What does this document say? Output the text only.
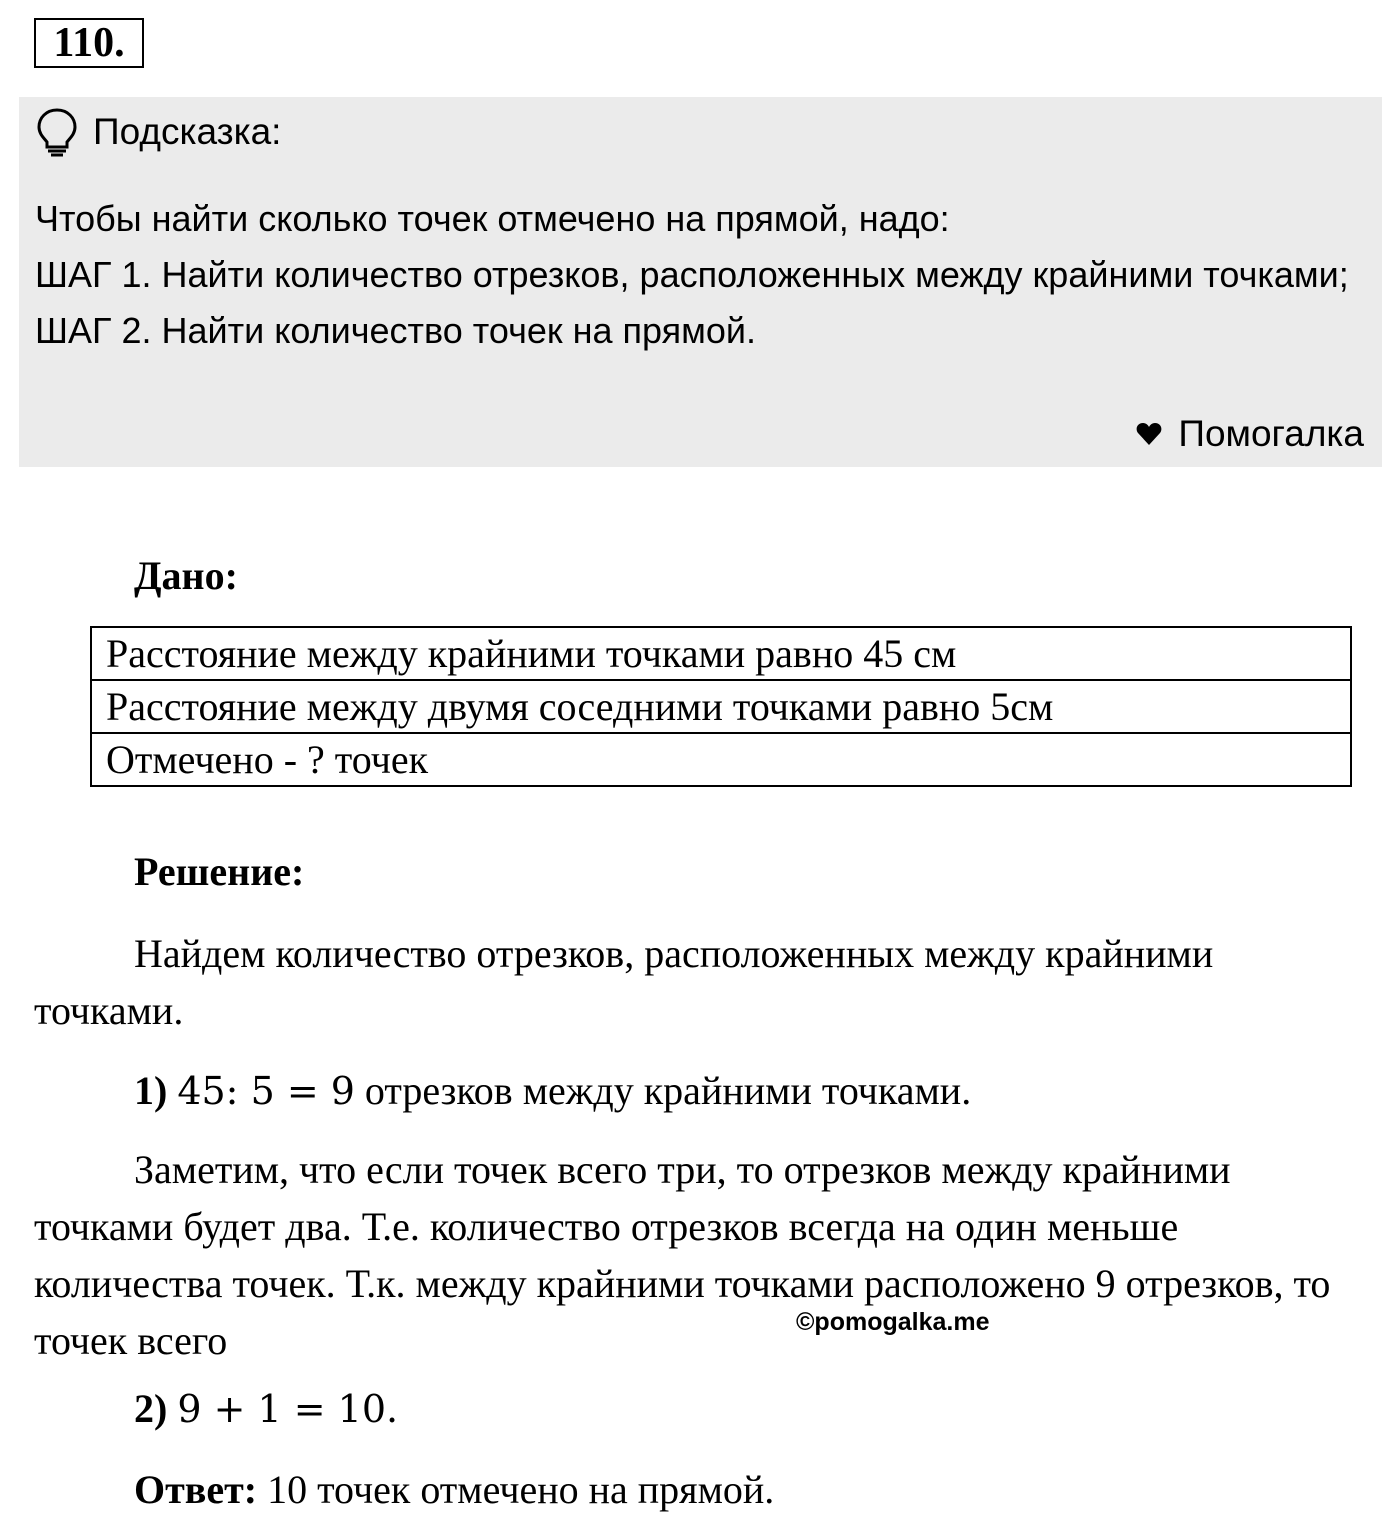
110.
Подсказка:

Чтобы найти сколько точек отмечено на прямой, надо:

ШАГ 1. Найти количество отрезков, расположенных между крайними точками;

ШАГ 2. Найти количество точек на прямой.

Помогалка
Дано:
Расстояние между крайними точками равно 45 см
Расстояние между двумя соседними точками равно 5см
Отмечено - ? точек
Решение:
Найдем количество отрезков, расположенных между крайними точками.
1) 45: 5 = 9 отрезков между крайними точками.
Заметим, что если точек всего три, то отрезков между крайними точками будет два. Т.е. количество отрезков всегда на один меньше количества точек. Т.к. между крайними точками расположено 9 отрезков, то точек всего
2) 9 + 1 = 10.
Ответ: 10 точек отмечено на прямой.
©pomogalka.me
